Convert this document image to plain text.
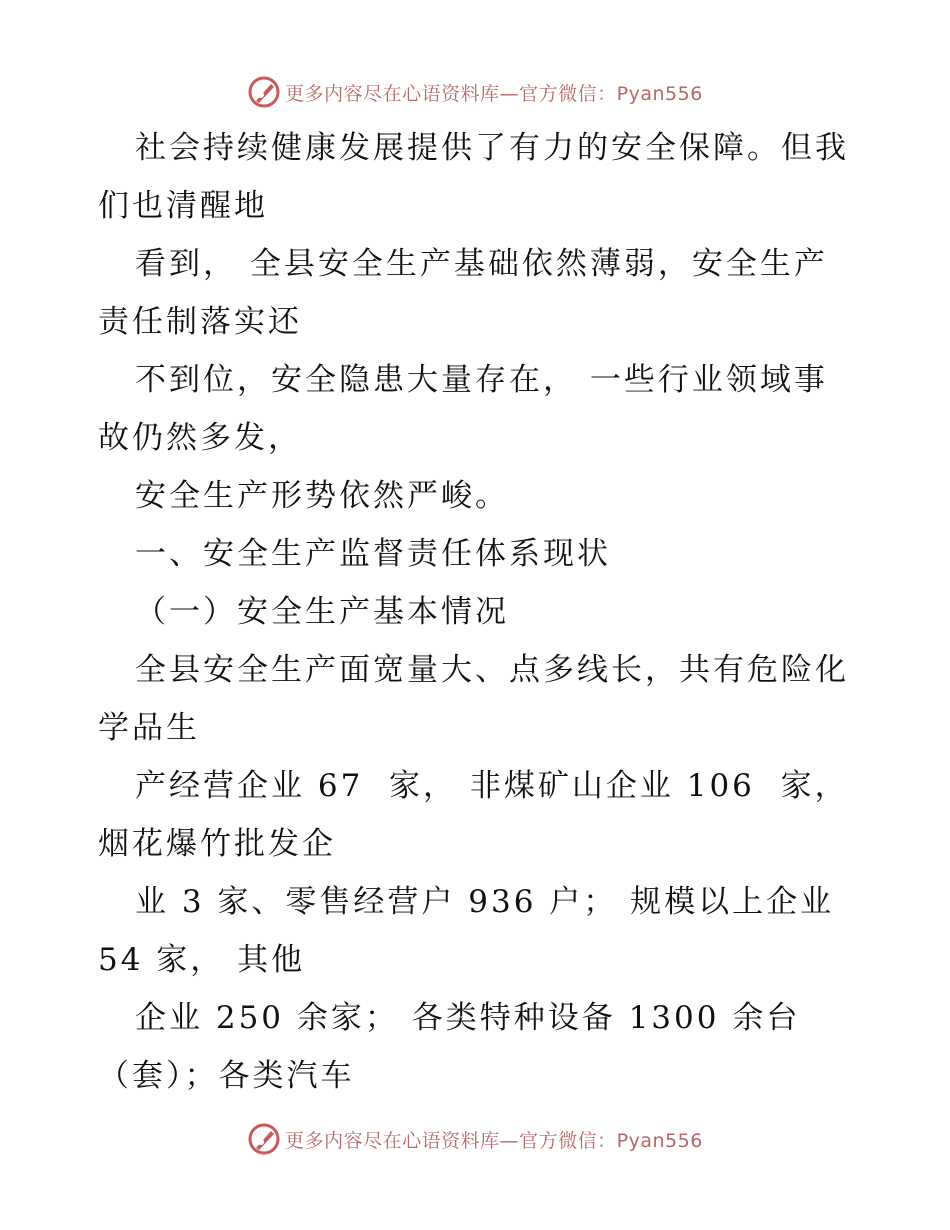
更多内容尽在心语资料库—官方微信：Pyan556
社会持续健康发展提供了有力的安全保障。但我
们也清醒地
看到， 全县安全生产基础依然薄弱，安全生产
责任制落实还
不到位，安全隐患大量存在， 一些行业领域事
故仍然多发，
安全生产形势依然严峻。
一、安全生产监督责任体系现状
（一）安全生产基本情况
全县安全生产面宽量大、点多线长，共有危险化
学品生
产经营企业 67  家， 非煤矿山企业 106  家，
烟花爆竹批发企
业 3 家、零售经营户 936 户； 规模以上企业
54 家， 其他
企业 250 余家； 各类特种设备 1300 余台
（套）；各类汽车
更多内容尽在心语资料库—官方微信：Pyan556
